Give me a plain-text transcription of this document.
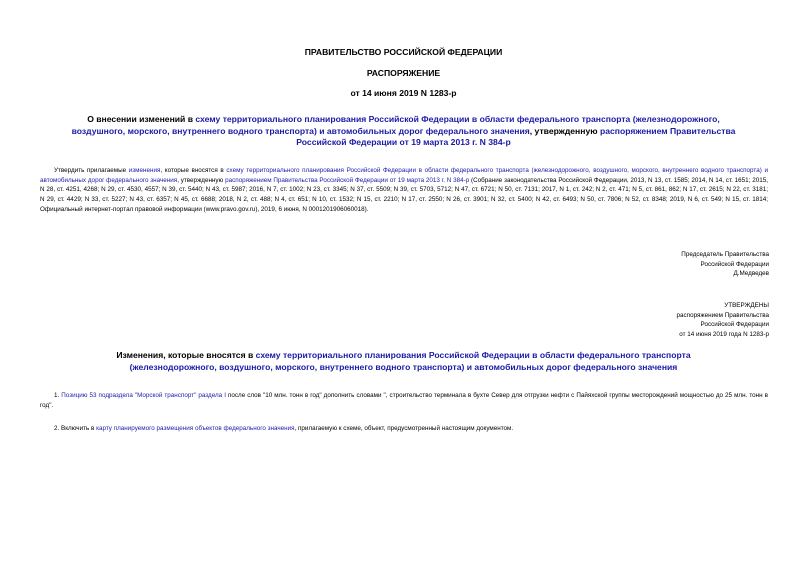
ПРАВИТЕЛЬСТВО РОССИЙСКОЙ ФЕДЕРАЦИИ
РАСПОРЯЖЕНИЕ
от 14 июня 2019 N 1283-р
О внесении изменений в схему территориального планирования Российской Федерации в области федерального транспорта (железнодорожного, воздушного, морского, внутреннего водного транспорта) и автомобильных дорог федерального значения, утвержденную распоряжением Правительства Российской Федерации от 19 марта 2013 г. N 384-р
Утвердить прилагаемые изменения, которые вносятся в схему территориального планирования Российской Федерации в области федерального транспорта (железнодорожного, воздушного, морского, внутреннего водного транспорта) и автомобильных дорог федерального значения, утвержденную распоряжением Правительства Российской Федерации от 19 марта 2013 г. N 384-р (Собрание законодательства Российской Федерации, 2013, N 13, ст. 1585; 2014, N 14, ст. 1651; 2015, N 28, ст. 4251, 4268; N 29, ст. 4530, 4557; N 39, ст. 5440; N 43, ст. 5987; 2016, N 7, ст. 1002; N 23, ст. 3345; N 37, ст. 5509; N 39, ст. 5703, 5712; N 47, ст. 6721; N 50, ст. 7131; 2017, N 1, ст. 242; N 2, ст. 471; N 5, ст. 861, 862; N 17, ст. 2615; N 22, ст. 3181; N 29, ст. 4429; N 33, ст. 5227; N 43, ст. 6357; N 45, ст. 6688; 2018, N 2, ст. 488; N 4, ст. 651; N 10, ст. 1532; N 15, ст. 2210; N 17, ст. 2550; N 26, ст. 3901; N 32, ст. 5400; N 42, ст. 6493; N 50, ст. 7806; N 52, ст. 8348; 2019, N 6, ст. 549; N 15, ст. 1814; Официальный интернет-портал правовой информации (www.pravo.gov.ru), 2019, 6 июня, N 0001201906060018).
Председатель Правительства
Российской Федерации
Д.Медведев
УТВЕРЖДЕНЫ
распоряжением Правительства
Российской Федерации
от 14 июня 2019 года N 1283-р
Изменения, которые вносятся в схему территориального планирования Российской Федерации в области федерального транспорта (железнодорожного, воздушного, морского, внутреннего водного транспорта) и автомобильных дорог федерального значения
1. Позицию 53 подраздела "Морской транспорт" раздела I после слов "10 млн. тонн в год" дополнить словами ", строительство терминала в бухте Север для отгрузки нефти с Пайяхской группы месторождений мощностью до 25 млн. тонн в год".
2. Включить в карту планируемого размещения объектов федерального значения, прилагаемую к схеме, объект, предусмотренный настоящим документом.
